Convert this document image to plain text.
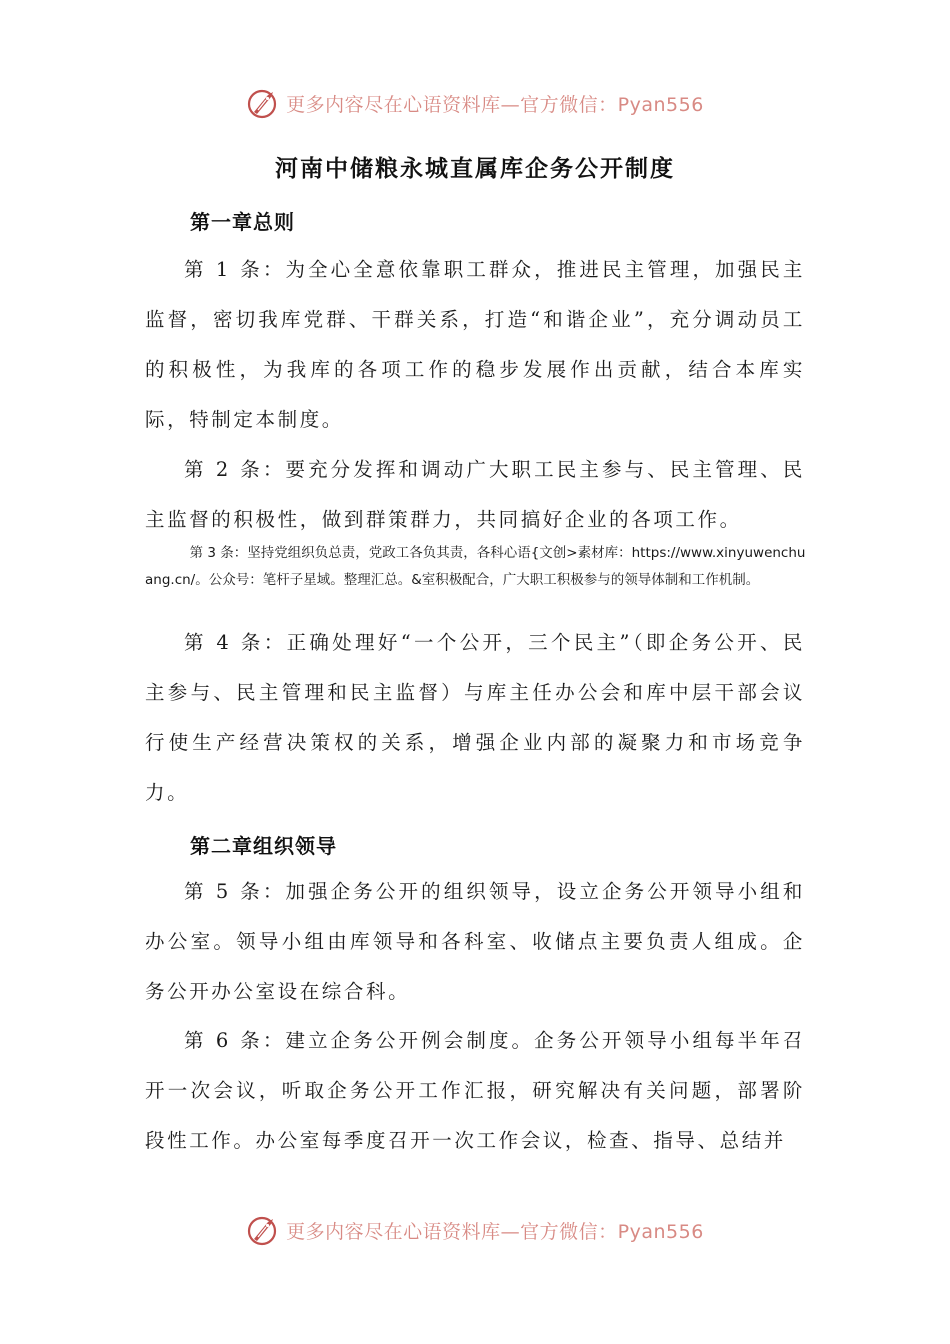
更多内容尽在心语资料库—官方微信：Pyan556
河南中储粮永城直属库企务公开制度
第一章总则

第 1 条：为全心全意依靠职工群众，推进民主管理，加强民主监督，密切我库党群、干群关系，打造“和谐企业”，充分调动员工的积极性，为我库的各项工作的稳步发展作出贡献，结合本库实际，特制定本制度。

第 2 条：要充分发挥和调动广大职工民主参与、民主管理、民主监督的积极性，做到群策群力，共同搞好企业的各项工作。

第 3 条：坚持党组织负总责，党政工各负其责，各科心语{文创>素材库：https://www.xinyuwenchuang.cn/。公众号：笔杆子星域。整理汇总。&室积极配合，广大职工积极参与的领导体制和工作机制。

第 4 条：正确处理好“一个公开，三个民主”（即企务公开、民主参与、民主管理和民主监督）与库主任办公会和库中层干部会议行使生产经营决策权的关系，增强企业内部的凝聚力和市场竞争力。

第二章组织领导

第 5 条：加强企务公开的组织领导，设立企务公开领导小组和办公室。领导小组由库领导和各科室、收储点主要负责人组成。企务公开办公室设在综合科。

第 6 条：建立企务公开例会制度。企务公开领导小组每半年召开一次会议，听取企务公开工作汇报，研究解决有关问题，部署阶段性工作。办公室每季度召开一次工作会议，检查、指导、总结并

更多内容尽在心语资料库—官方微信：Pyan556
